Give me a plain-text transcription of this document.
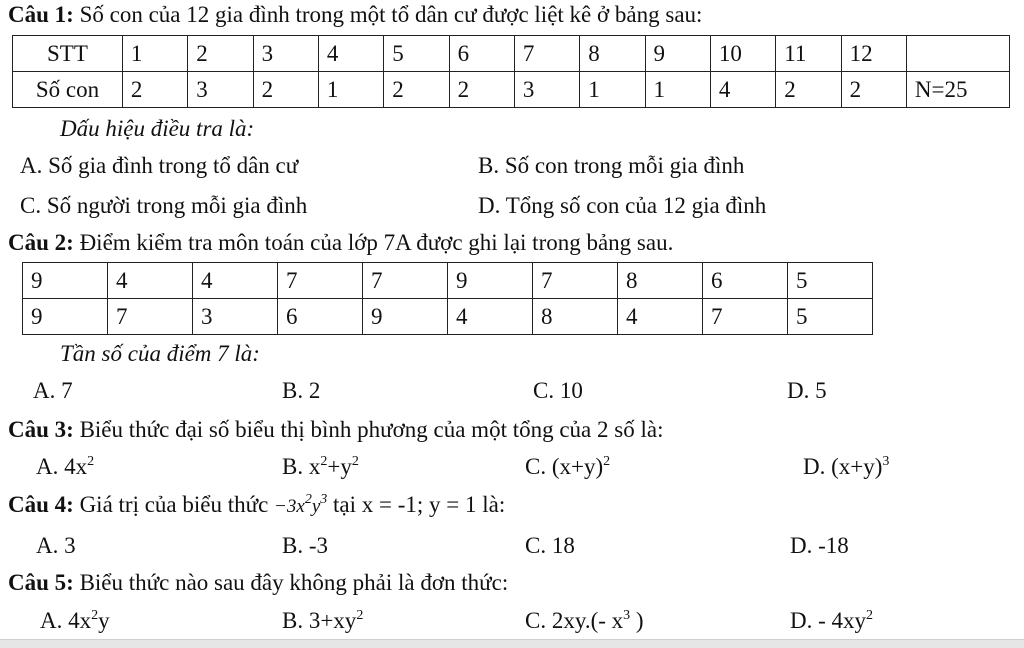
Câu 1: Số con của 12 gia đình trong một tổ dân cư được liệt kê ở bảng sau:
STT	1	2	3	4	5	6	7	8	9	10	11	12	
Số con	2	3	2	1	2	2	3	1	1	4	2	2	N=25
Dấu hiệu điều tra là:
A. Số gia đình trong tổ dân cư	B. Số con trong mỗi gia đình
C. Số người trong mỗi gia đình	D. Tổng số con của 12 gia đình
Câu 2: Điểm kiểm tra môn toán của lớp 7A được ghi lại trong bảng sau.
9	4	4	7	7	9	7	8	6	5
9	7	3	6	9	4	8	4	7	5
Tần số của điểm 7 là:
A. 7	B. 2	C. 10	D. 5
Câu 3: Biểu thức đại số biểu thị bình phương của một tổng của 2 số là:
A. $4x^2$	B. $x^2+y^2$	C. $(x+y)^2$	D. $(x+y)^3$
Câu 4: Giá trị của biểu thức $-3x^2y^3$ tại x = -1; y = 1 là:
A. 3	B. -3	C. 18	D. -18
Câu 5: Biểu thức nào sau đây không phải là đơn thức:
A. $4x^2y$	B. $3+xy^2$	C. 2xy.(- $x^3$ )	D. - $4xy^2$
